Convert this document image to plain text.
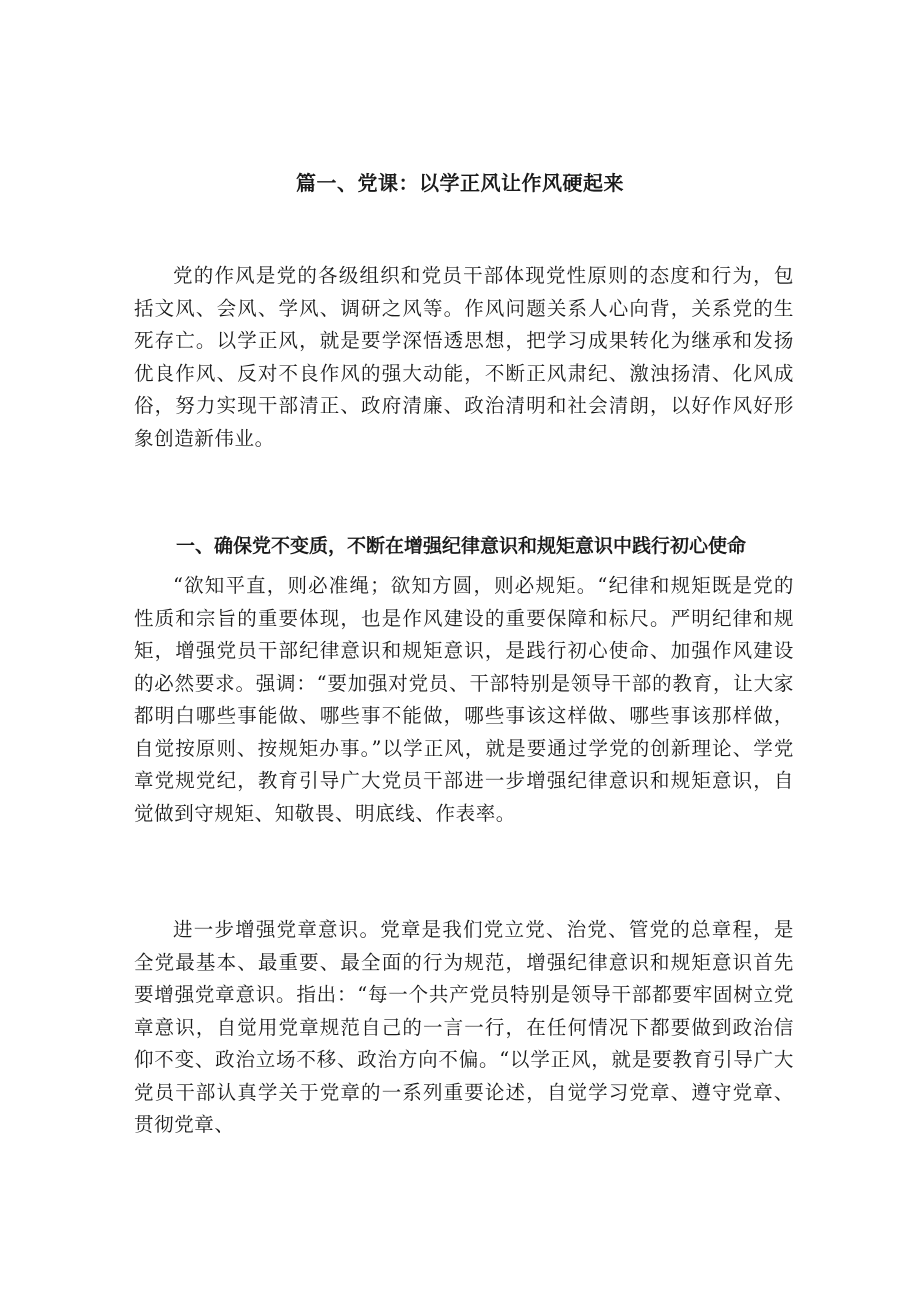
篇一、党课：以学正风让作风硬起来

党的作风是党的各级组织和党员干部体现党性原则的态度和行为，包括文风、会风、学风、调研之风等。作风问题关系人心向背，关系党的生死存亡。以学正风，就是要学深悟透思想，把学习成果转化为继承和发扬优良作风、反对不良作风的强大动能，不断正风肃纪、激浊扬清、化风成俗，努力实现干部清正、政府清廉、政治清明和社会清朗，以好作风好形象创造新伟业。

一、确保党不变质，不断在增强纪律意识和规矩意识中践行初心使命

“欲知平直，则必准绳；欲知方圆，则必规矩。“纪律和规矩既是党的性质和宗旨的重要体现，也是作风建设的重要保障和标尺。严明纪律和规矩，增强党员干部纪律意识和规矩意识，是践行初心使命、加强作风建设的必然要求。强调：“要加强对党员、干部特别是领导干部的教育，让大家都明白哪些事能做、哪些事不能做，哪些事该这样做、哪些事该那样做，自觉按原则、按规矩办事。”以学正风，就是要通过学党的创新理论、学党章党规党纪，教育引导广大党员干部进一步增强纪律意识和规矩意识，自觉做到守规矩、知敬畏、明底线、作表率。

进一步增强党章意识。党章是我们党立党、治党、管党的总章程，是全党最基本、最重要、最全面的行为规范，增强纪律意识和规矩意识首先要增强党章意识。指出：“每一个共产党员特别是领导干部都要牢固树立党章意识，自觉用党章规范自己的一言一行，在任何情况下都要做到政治信仰不变、政治立场不移、政治方向不偏。“以学正风，就是要教育引导广大党员干部认真学关于党章的一系列重要论述，自觉学习党章、遵守党章、贯彻党章、
